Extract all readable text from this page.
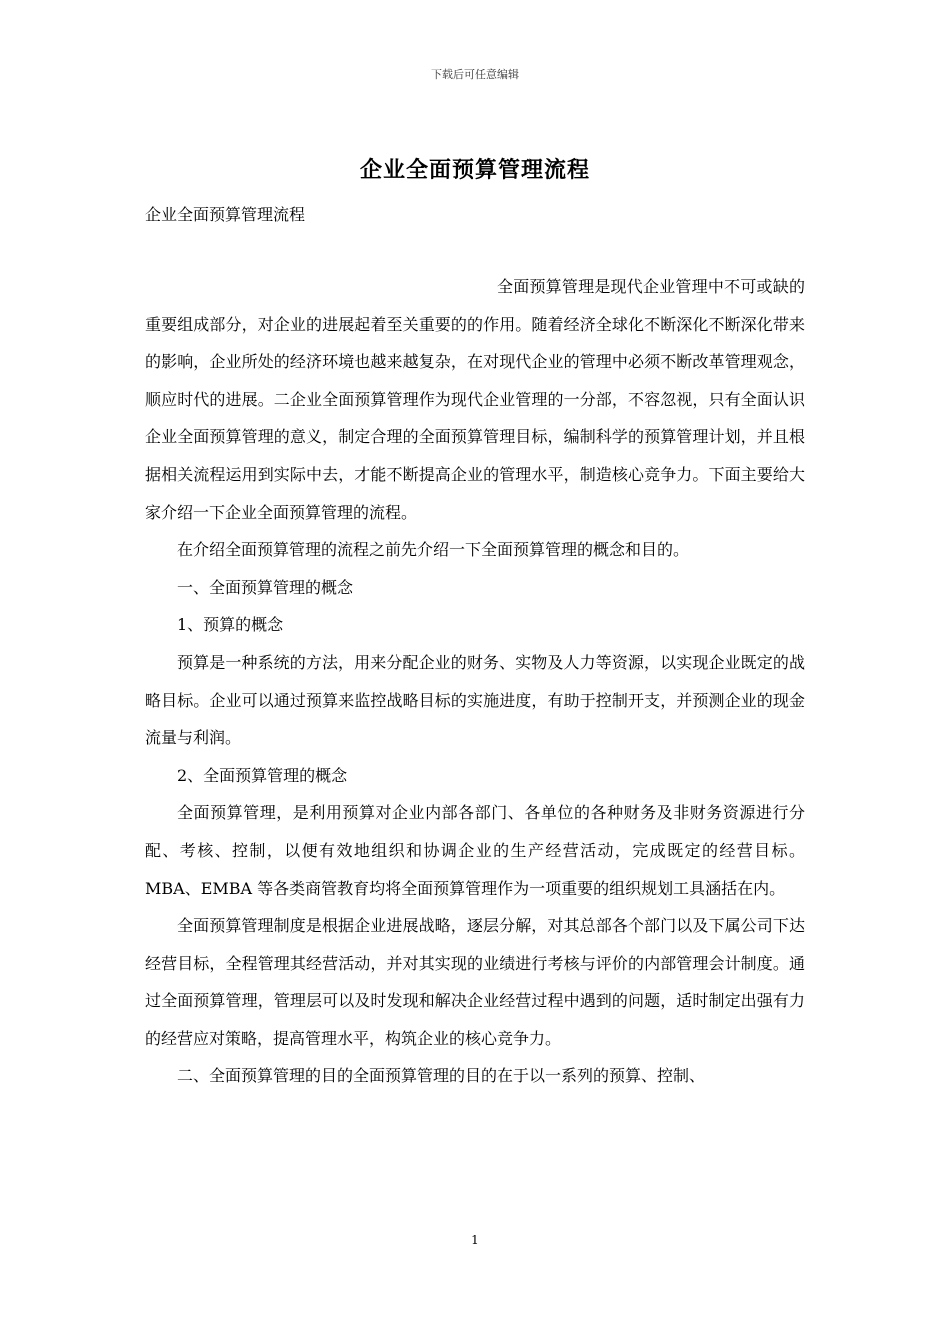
下载后可任意编辑
企业全面预算管理流程
企业全面预算管理流程

全面预算管理是现代企业管理中不可或缺的重要组成部分，对企业的进展起着至关重要的的作用。随着经济全球化不断深化不断深化带来的影响，企业所处的经济环境也越来越复杂，在对现代企业的管理中必须不断改革管理观念，顺应时代的进展。二企业全面预算管理作为现代企业管理的一分部，不容忽视，只有全面认识企业全面预算管理的意义，制定合理的全面预算管理目标，编制科学的预算管理计划，并且根据相关流程运用到实际中去，才能不断提高企业的管理水平，制造核心竞争力。下面主要给大家介绍一下企业全面预算管理的流程。

在介绍全面预算管理的流程之前先介绍一下全面预算管理的概念和目的。

一、全面预算管理的概念

1、预算的概念

预算是一种系统的方法，用来分配企业的财务、实物及人力等资源，以实现企业既定的战略目标。企业可以通过预算来监控战略目标的实施进度，有助于控制开支，并预测企业的现金流量与利润。

2、全面预算管理的概念

全面预算管理，是利用预算对企业内部各部门、各单位的各种财务及非财务资源进行分配、考核、控制，以便有效地组织和协调企业的生产经营活动，完成既定的经营目标。MBA、EMBA 等各类商管教育均将全面预算管理作为一项重要的组织规划工具涵括在内。

全面预算管理制度是根据企业进展战略，逐层分解，对其总部各个部门以及下属公司下达经营目标，全程管理其经营活动，并对其实现的业绩进行考核与评价的内部管理会计制度。通过全面预算管理，管理层可以及时发现和解决企业经营过程中遇到的问题，适时制定出强有力的经营应对策略，提高管理水平，构筑企业的核心竞争力。

二、全面预算管理的目的全面预算管理的目的在于以一系列的预算、控制、

1
